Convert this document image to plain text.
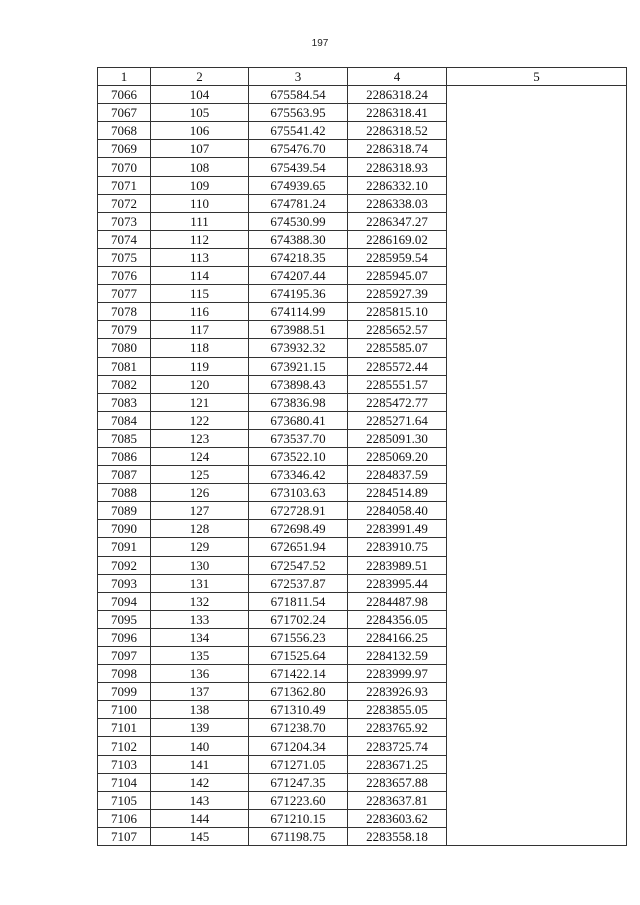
197
1	2	3	4	5
7066	104	675584.54	2286318.24	
7067	105	675563.95	2286318.41	
7068	106	675541.42	2286318.52	
7069	107	675476.70	2286318.74	
7070	108	675439.54	2286318.93	
7071	109	674939.65	2286332.10	
7072	110	674781.24	2286338.03	
7073	111	674530.99	2286347.27	
7074	112	674388.30	2286169.02	
7075	113	674218.35	2285959.54	
7076	114	674207.44	2285945.07	
7077	115	674195.36	2285927.39	
7078	116	674114.99	2285815.10	
7079	117	673988.51	2285652.57	
7080	118	673932.32	2285585.07	
7081	119	673921.15	2285572.44	
7082	120	673898.43	2285551.57	
7083	121	673836.98	2285472.77	
7084	122	673680.41	2285271.64	
7085	123	673537.70	2285091.30	
7086	124	673522.10	2285069.20	
7087	125	673346.42	2284837.59	
7088	126	673103.63	2284514.89	
7089	127	672728.91	2284058.40	
7090	128	672698.49	2283991.49	
7091	129	672651.94	2283910.75	
7092	130	672547.52	2283989.51	
7093	131	672537.87	2283995.44	
7094	132	671811.54	2284487.98	
7095	133	671702.24	2284356.05	
7096	134	671556.23	2284166.25	
7097	135	671525.64	2284132.59	
7098	136	671422.14	2283999.97	
7099	137	671362.80	2283926.93	
7100	138	671310.49	2283855.05	
7101	139	671238.70	2283765.92	
7102	140	671204.34	2283725.74	
7103	141	671271.05	2283671.25	
7104	142	671247.35	2283657.88	
7105	143	671223.60	2283637.81	
7106	144	671210.15	2283603.62	
7107	145	671198.75	2283558.18	
